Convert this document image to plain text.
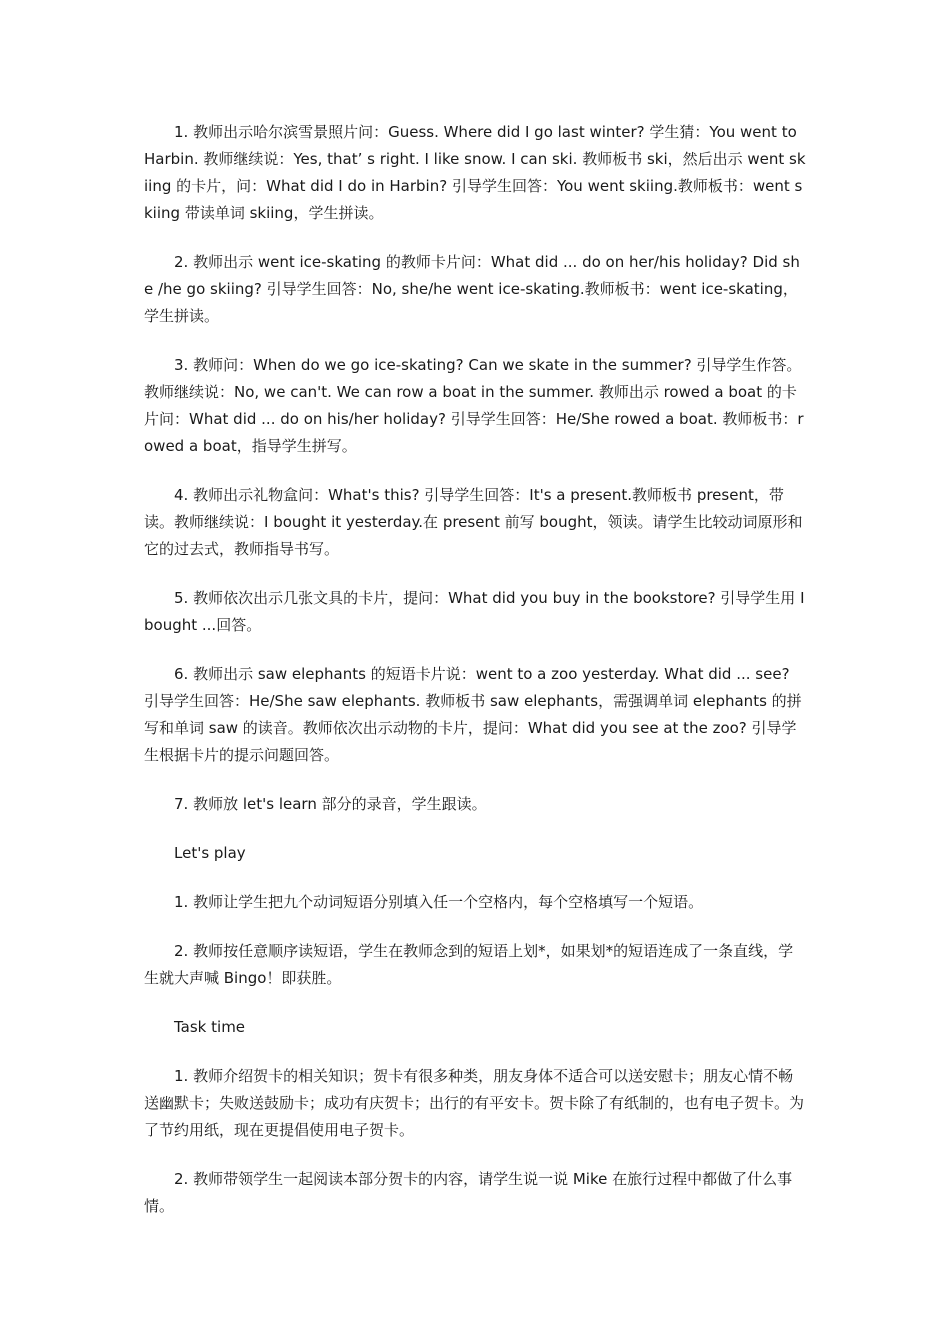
1. 教师出示哈尔滨雪景照片问：Guess. Where did I go last winter? 学生猜：You went to Harbin. 教师继续说：Yes, that’ s right. I like snow. I can ski. 教师板书 ski，然后出示 went skiing 的卡片，问：What did I do in Harbin? 引导学生回答：You went skiing.教师板书：went skiing 带读单词 skiing，学生拼读。

2. 教师出示 went ice-skating 的教师卡片问：What did ... do on her/his holiday? Did she /he go skiing? 引导学生回答：No, she/he went ice-skating.教师板书：went ice-skating，学生拼读。

3. 教师问：When do we go ice-skating? Can we skate in the summer? 引导学生作答。教师继续说：No, we can't. We can row a boat in the summer. 教师出示 rowed a boat 的卡片问：What did ... do on his/her holiday? 引导学生回答：He/She rowed a boat. 教师板书：rowed a boat，指导学生拼写。

4. 教师出示礼物盒问：What's this? 引导学生回答：It's a present.教师板书 present，带读。教师继续说：I bought it yesterday.在 present 前写 bought，领读。请学生比较动词原形和它的过去式，教师指导书写。

5. 教师依次出示几张文具的卡片，提问：What did you buy in the bookstore? 引导学生用 I bought ...回答。

6. 教师出示 saw elephants 的短语卡片说：went to a zoo yesterday. What did ... see? 引导学生回答：He/She saw elephants. 教师板书 saw elephants，需强调单词 elephants 的拼写和单词 saw 的读音。教师依次出示动物的卡片，提问：What did you see at the zoo? 引导学生根据卡片的提示问题回答。

7. 教师放 let's learn 部分的录音，学生跟读。

Let's play

1. 教师让学生把九个动词短语分别填入任一个空格内，每个空格填写一个短语。

2. 教师按任意顺序读短语，学生在教师念到的短语上划*，如果划*的短语连成了一条直线，学生就大声喊 Bingo！即获胜。

Task time

1. 教师介绍贺卡的相关知识；贺卡有很多种类，朋友身体不适合可以送安慰卡；朋友心情不畅送幽默卡；失败送鼓励卡；成功有庆贺卡；出行的有平安卡。贺卡除了有纸制的，也有电子贺卡。为了节约用纸，现在更提倡使用电子贺卡。

2. 教师带领学生一起阅读本部分贺卡的内容，请学生说一说 Mike 在旅行过程中都做了什么事情。
